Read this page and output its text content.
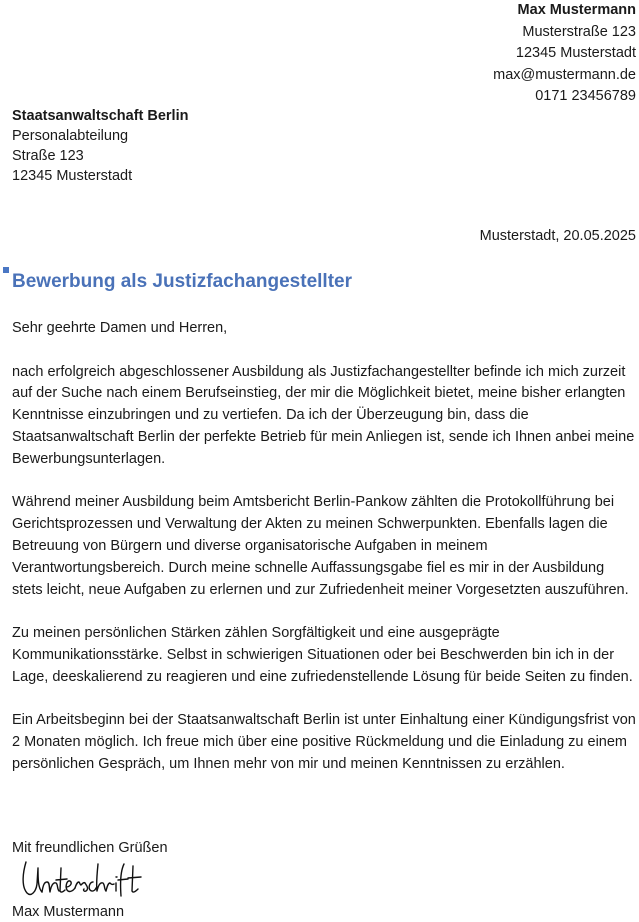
Max Mustermann
Musterstraße 123
12345 Musterstadt
max@mustermann.de
0171 23456789
Staatsanwaltschaft Berlin
Personalabteilung
Straße 123
12345 Musterstadt
Musterstadt, 20.05.2025
Bewerbung als Justizfachangestellter

Sehr geehrte Damen und Herren,

nach erfolgreich abgeschlossener Ausbildung als Justizfachangestellter befinde ich mich zurzeit auf der Suche nach einem Berufseinstieg, der mir die Möglichkeit bietet, meine bisher erlangten Kenntnisse einzubringen und zu vertiefen. Da ich der Überzeugung bin, dass die Staatsanwaltschaft Berlin der perfekte Betrieb für mein Anliegen ist, sende ich Ihnen anbei meine Bewerbungsunterlagen.

Während meiner Ausbildung beim Amtsbericht Berlin-Pankow zählten die Protokollführung bei Gerichtsprozessen und Verwaltung der Akten zu meinen Schwerpunkten. Ebenfalls lagen die Betreuung von Bürgern und diverse organisatorische Aufgaben in meinem Verantwortungsbereich. Durch meine schnelle Auffassungsgabe fiel es mir in der Ausbildung stets leicht, neue Aufgaben zu erlernen und zur Zufriedenheit meiner Vorgesetzten auszuführen.

Zu meinen persönlichen Stärken zählen Sorgfältigkeit und eine ausgeprägte Kommunikationsstärke. Selbst in schwierigen Situationen oder bei Beschwerden bin ich in der Lage, deeskalierend zu reagieren und eine zufriedenstellende Lösung für beide Seiten zu finden.

Ein Arbeitsbeginn bei der Staatsanwaltschaft Berlin ist unter Einhaltung einer Kündigungsfrist von 2 Monaten möglich. Ich freue mich über eine positive Rückmeldung und die Einladung zu einem persönlichen Gespräch, um Ihnen mehr von mir und meinen Kenntnissen zu erzählen.

Mit freundlichen Grüßen
Max Mustermann
